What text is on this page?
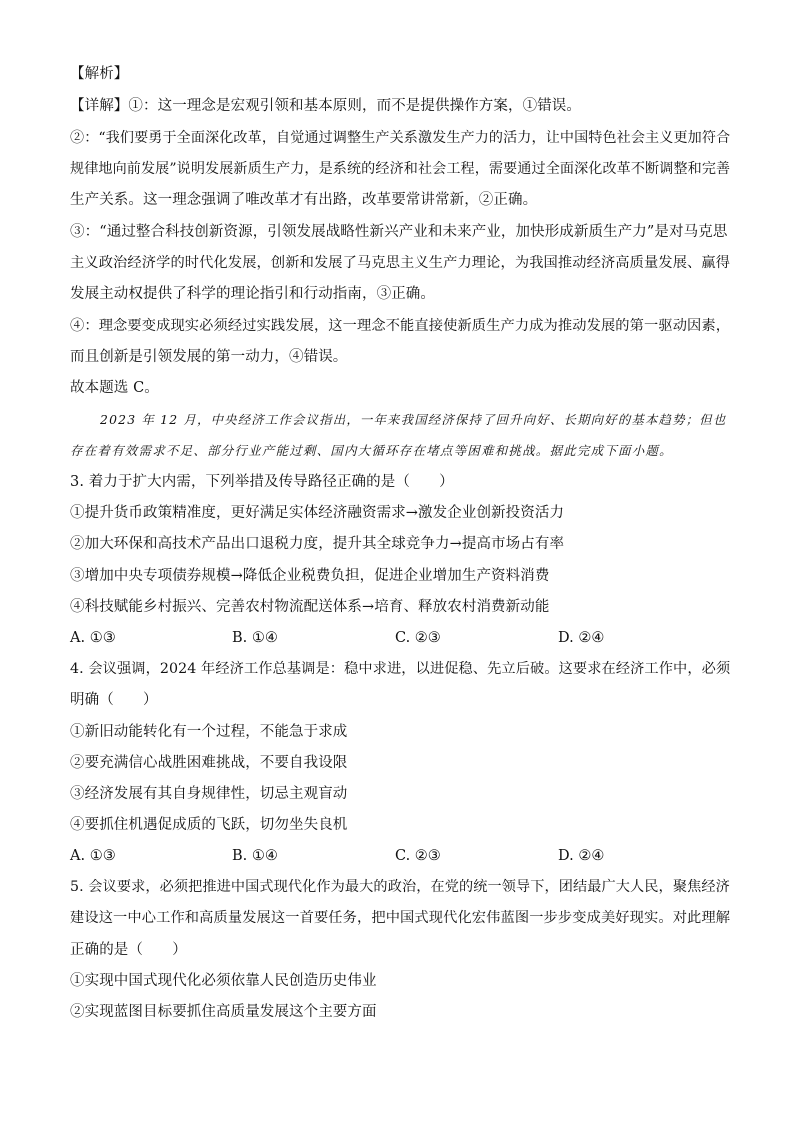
【解析】
【详解】①：这一理念是宏观引领和基本原则，而不是提供操作方案，①错误。
②：“我们要勇于全面深化改革，自觉通过调整生产关系激发生产力的活力，让中国特色社会主义更加符合
规律地向前发展”说明发展新质生产力，是系统的经济和社会工程，需要通过全面深化改革不断调整和完善
生产关系。这一理念强调了唯改革才有出路，改革要常讲常新，②正确。
③：“通过整合科技创新资源，引领发展战略性新兴产业和未来产业，加快形成新质生产力”是对马克思
主义政治经济学的时代化发展，创新和发展了马克思主义生产力理论，为我国推动经济高质量发展、赢得
发展主动权提供了科学的理论指引和行动指南，③正确。
④：理念要变成现实必须经过实践发展，这一理念不能直接使新质生产力成为推动发展的第一驱动因素，
而且创新是引领发展的第一动力，④错误。
故本题选 C。
2023 年 12 月，中央经济工作会议指出，一年来我国经济保持了回升向好、长期向好的基本趋势；但也
存在着有效需求不足、部分行业产能过剩、国内大循环存在堵点等困难和挑战。据此完成下面小题。
3. 着力于扩大内需，下列举措及传导路径正确的是（　　）
①提升货币政策精准度，更好满足实体经济融资需求→激发企业创新投资活力
②加大环保和高技术产品出口退税力度，提升其全球竞争力→提高市场占有率
③增加中央专项债券规模→降低企业税费负担，促进企业增加生产资料消费
④科技赋能乡村振兴、完善农村物流配送体系→培育、释放农村消费新动能
A. ①③	B. ①④	C. ②③	D. ②④
4. 会议强调，2024 年经济工作总基调是：稳中求进，以进促稳、先立后破。这要求在经济工作中，必须
明确（　　）
①新旧动能转化有一个过程，不能急于求成
②要充满信心战胜困难挑战，不要自我设限
③经济发展有其自身规律性，切忌主观盲动
④要抓住机遇促成质的飞跃，切勿坐失良机
A. ①③	B. ①④	C. ②③	D. ②④
5. 会议要求，必须把推进中国式现代化作为最大的政治，在党的统一领导下，团结最广大人民，聚焦经济
建设这一中心工作和高质量发展这一首要任务，把中国式现代化宏伟蓝图一步步变成美好现实。对此理解
正确的是（　　）
①实现中国式现代化必须依靠人民创造历史伟业
②实现蓝图目标要抓住高质量发展这个主要方面
